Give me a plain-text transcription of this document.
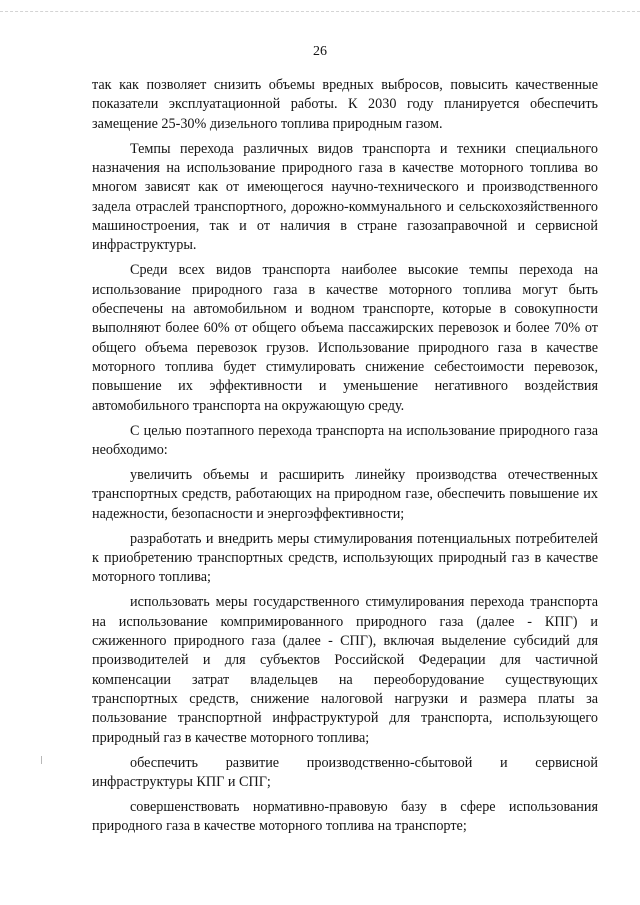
26

так как позволяет снизить объемы вредных выбросов, повысить качественные показатели эксплуатационной работы. К 2030 году планируется обеспечить замещение 25-30% дизельного топлива природным газом.

Темпы перехода различных видов транспорта и техники специального назначения на использование природного газа в качестве моторного топлива во многом зависят как от имеющегося научно-технического и производственного задела отраслей транспортного, дорожно-коммунального и сельскохозяйственного машиностроения, так и от наличия в стране газозаправочной и сервисной инфраструктуры.

Среди всех видов транспорта наиболее высокие темпы перехода на использование природного газа в качестве моторного топлива могут быть обеспечены на автомобильном и водном транспорте, которые в совокупности выполняют более 60% от общего объема пассажирских перевозок и более 70% от общего объема перевозок грузов. Использование природного газа в качестве моторного топлива будет стимулировать снижение себестоимости перевозок, повышение их эффективности и уменьшение негативного воздействия автомобильного транспорта на окружающую среду.

С целью поэтапного перехода транспорта на использование природного газа необходимо:

увеличить объемы и расширить линейку производства отечественных транспортных средств, работающих на природном газе, обеспечить повышение их надежности, безопасности и энергоэффективности;

разработать и внедрить меры стимулирования потенциальных потребителей к приобретению транспортных средств, использующих природный газ в качестве моторного топлива;

использовать меры государственного стимулирования перехода транспорта на использование компримированного природного газа (далее - КПГ) и сжиженного природного газа (далее - СПГ), включая выделение субсидий для производителей и для субъектов Российской Федерации для частичной компенсации затрат владельцев на переоборудование существующих транспортных средств, снижение налоговой нагрузки и размера платы за пользование транспортной инфраструктурой для транспорта, использующего природный газ в качестве моторного топлива;

обеспечить развитие производственно-сбытовой и сервисной инфраструктуры КПГ и СПГ;

совершенствовать нормативно-правовую базу в сфере использования природного газа в качестве моторного топлива на транспорте;
